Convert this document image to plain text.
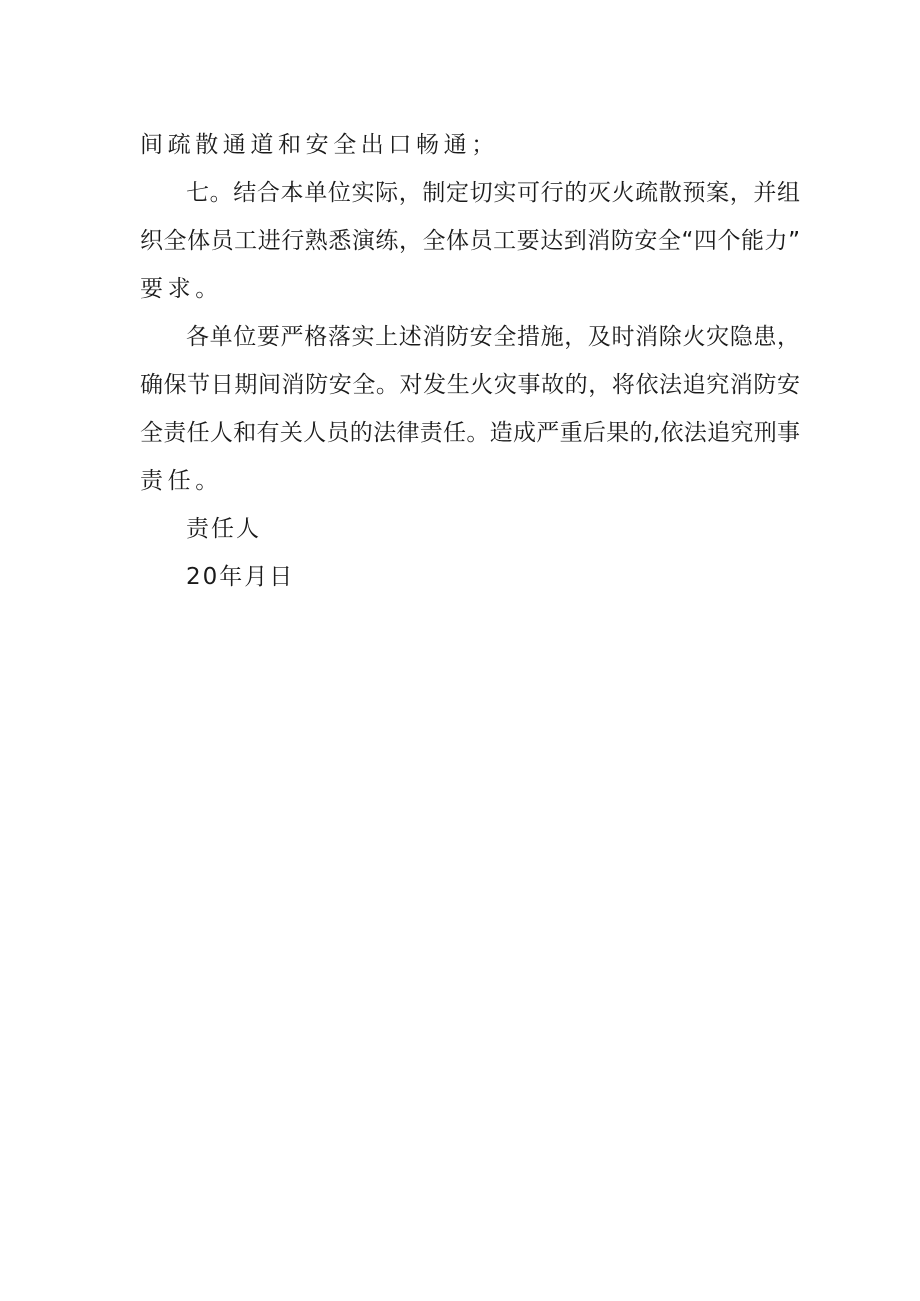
间疏散通道和安全出口畅通；
七。结合本单位实际，制定切实可行的灭火疏散预案，并组
织全体员工进行熟悉演练，全体员工要达到消防安全“四个能力”
要求。
各单位要严格落实上述消防安全措施，及时消除火灾隐患，
确保节日期间消防安全。对发生火灾事故的，将依法追究消防安
全责任人和有关人员的法律责任。造成严重后果的,依法追究刑事
责任。
责任人
20年月日
